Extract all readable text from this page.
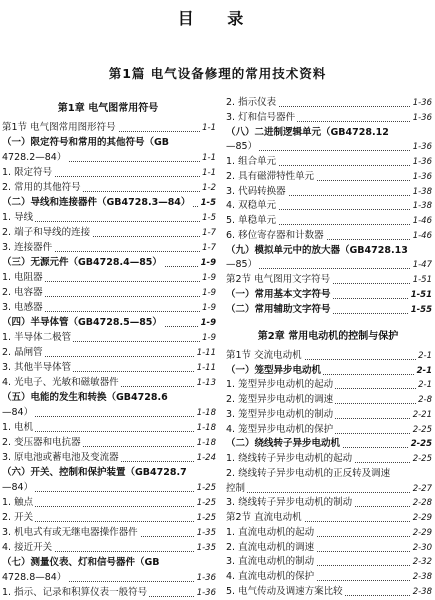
目 录
第1篇 电气设备修理的常用技术资料
第1章 电气图常用符号
第1节 电气图常用图形符号	1-1
（一）限定符号和常用的其他符号（GB
4728.2—84）	1-1
1. 限定符号	1-1
2. 常用的其他符号	1-2
（二）导线和连接器件（GB4728.3—84） 1-5
1. 导线	1-5
2. 端子和导线的连接	1-7
3. 连接器件	1-7
（三）无源元件（GB4728.4—85）	1-9
1. 电阻器	1-9
2. 电容器	1-9
3. 电感器	1-9
（四）半导体管（GB4728.5—85）	1-9
1. 半导体二极管	1-9
2. 晶闸管	1-11
3. 其他半导体管	1-11
4. 光电子、光敏和磁敏器件	1-13
（五）电能的发生和转换（GB4728.6
—84）	1-18
1. 电机	1-18
2. 变压器和电抗器	1-18
3. 原电池或蓄电池及变流器	1-24
（六）开关、控制和保护装置（GB4728.7
—84）	1-25
1. 触点	1-25
2. 开关	1-25
3. 机电式有或无继电器操作器件	1-35
4. 接近开关	1-35
（七）测量仪表、灯和信号器件（GB
4728.8—84）	1-36
1. 指示、记录和积算仪表一般符号	1-36
2. 指示仪表	1-36
3. 灯和信号器件	1-36
（八）二进制逻辑单元（GB4728.12
—85）	1-36
1. 组合单元	1-36
2. 具有磁滞特性单元	1-36
3. 代码转换器	1-38
4. 双稳单元	1-38
5. 单稳单元	1-46
6. 移位寄存器和计数器	1-46
（九）模拟单元中的放大器（GB4728.13
—85）	1-47
第2节 电气图用文字符号	1-51
（一）常用基本文字符号	1-51
（二）常用辅助文字符号	1-55
第2章 常用电动机的控制与保护
第1节 交流电动机	2-1
（一）笼型异步电动机	2-1
1. 笼型异步电动机的起动	2-1
2. 笼型异步电动机的调速	2-8
3. 笼型异步电动机的制动	2-21
4. 笼型异步电动机的保护	2-25
（二）绕线转子异步电动机	2-25
1. 绕线转子异步电动机的起动	2-25
2. 绕线转子异步电动机的正反转及调速
控制	2-27
3. 绕线转子异步电动机的制动	2-28
第2节 直流电动机	2-29
1. 直流电动机的起动	2-29
2. 直流电动机的调速	2-30
3. 直流电动机的制动	2-32
4. 直流电动机的保护	2-38
5. 电气传动及调速方案比较	2-38
